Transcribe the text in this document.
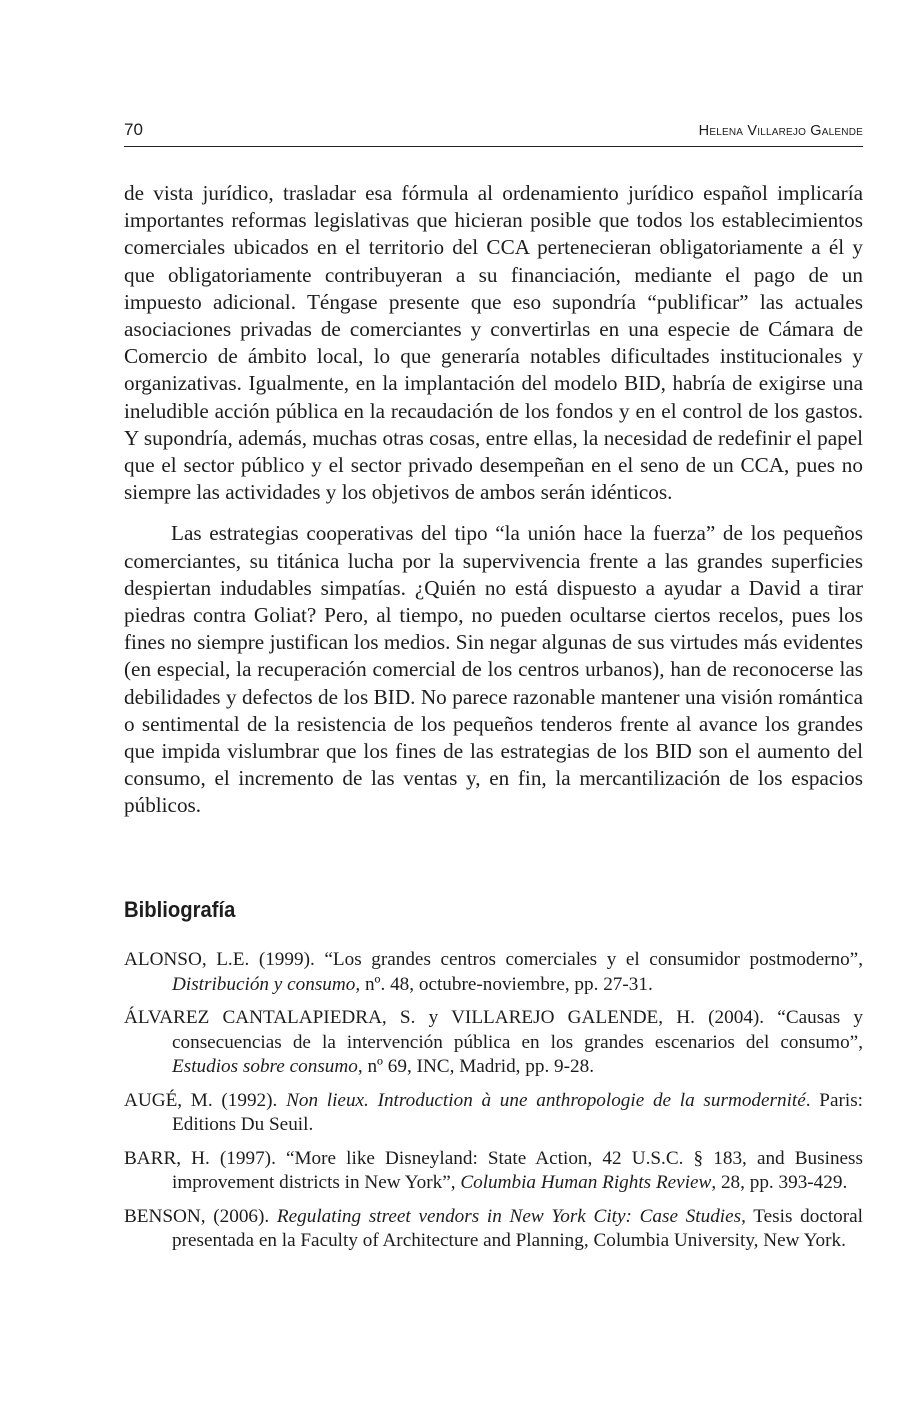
70	Helena Villarejo Galende

de vista jurídico, trasladar esa fórmula al ordenamiento jurídico español implicaría importantes reformas legislativas que hicieran posible que todos los establecimientos comerciales ubicados en el territorio del CCA pertenecieran obligatoriamente a él y que obligatoriamente contribuyeran a su financiación, mediante el pago de un impuesto adicional. Téngase presente que eso supondría “publificar” las actuales asociaciones privadas de comerciantes y convertirlas en una especie de Cámara de Comercio de ámbito local, lo que generaría notables dificultades institucionales y organizativas. Igualmente, en la implantación del modelo BID, habría de exigirse una ineludible acción pública en la recaudación de los fondos y en el control de los gastos. Y supondría, además, muchas otras cosas, entre ellas, la necesidad de redefinir el papel que el sector público y el sector privado desempeñan en el seno de un CCA, pues no siempre las actividades y los objetivos de ambos serán idénticos.

Las estrategias cooperativas del tipo “la unión hace la fuerza” de los pequeños comerciantes, su titánica lucha por la supervivencia frente a las grandes superficies despiertan indudables simpatías. ¿Quién no está dispuesto a ayudar a David a tirar piedras contra Goliat? Pero, al tiempo, no pueden ocultarse ciertos recelos, pues los fines no siempre justifican los medios. Sin negar algunas de sus virtudes más evidentes (en especial, la recuperación comercial de los centros urbanos), han de reconocerse las debilidades y defectos de los BID. No parece razonable mantener una visión romántica o sentimental de la resistencia de los pequeños tenderos frente al avance los grandes que impida vislumbrar que los fines de las estrategias de los BID son el aumento del consumo, el incremento de las ventas y, en fin, la mercantilización de los espacios públicos.

Bibliografía

ALONSO, L.E. (1999). “Los grandes centros comerciales y el consumidor postmoderno”, Distribución y consumo, nº. 48, octubre-noviembre, pp. 27-31.

ÁLVAREZ CANTALAPIEDRA, S. y VILLAREJO GALENDE, H. (2004). “Causas y consecuencias de la intervención pública en los grandes escenarios del consumo”, Estudios sobre consumo, nº 69, INC, Madrid, pp. 9-28.

AUGÉ, M. (1992). Non lieux. Introduction à une anthropologie de la surmodernité. Paris: Editions Du Seuil.

BARR, H. (1997). “More like Disneyland: State Action, 42 U.S.C. § 183, and Business improvement districts in New York”, Columbia Human Rights Review, 28, pp. 393-429.

BENSON, (2006). Regulating street vendors in New York City: Case Studies, Tesis doctoral presentada en la Faculty of Architecture and Planning, Columbia University, New York.
